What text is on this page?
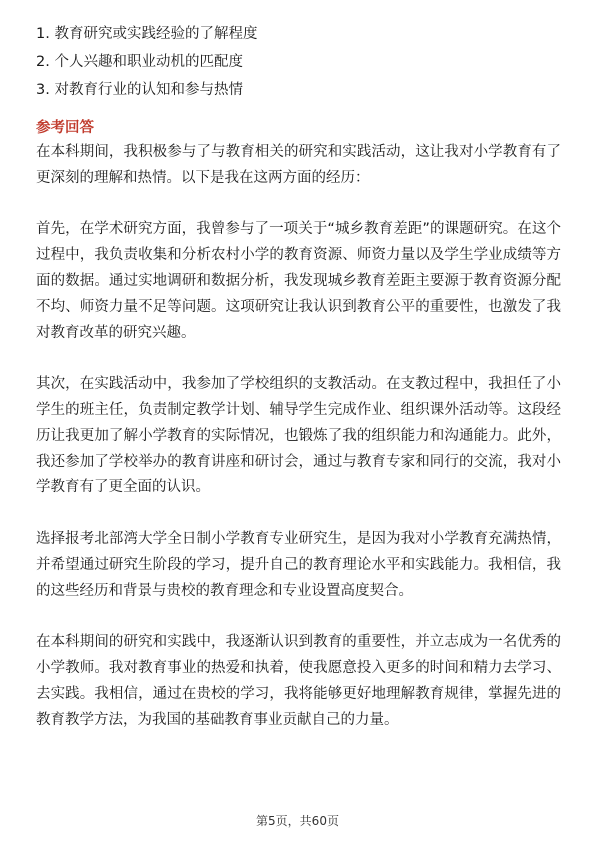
1. 教育研究或实践经验的了解程度
2. 个人兴趣和职业动机的匹配度
3. 对教育行业的认知和参与热情
参考回答

在本科期间，我积极参与了与教育相关的研究和实践活动，这让我对小学教育有了更深刻的理解和热情。以下是我在这两方面的经历：

首先，在学术研究方面，我曾参与了一项关于“城乡教育差距”的课题研究。在这个过程中，我负责收集和分析农村小学的教育资源、师资力量以及学生学业成绩等方面的数据。通过实地调研和数据分析，我发现城乡教育差距主要源于教育资源分配不均、师资力量不足等问题。这项研究让我认识到教育公平的重要性，也激发了我对教育改革的研究兴趣。

其次，在实践活动中，我参加了学校组织的支教活动。在支教过程中，我担任了小学生的班主任，负责制定教学计划、辅导学生完成作业、组织课外活动等。这段经历让我更加了解小学教育的实际情况，也锻炼了我的组织能力和沟通能力。此外，我还参加了学校举办的教育讲座和研讨会，通过与教育专家和同行的交流，我对小学教育有了更全面的认识。

选择报考北部湾大学全日制小学教育专业研究生，是因为我对小学教育充满热情，并希望通过研究生阶段的学习，提升自己的教育理论水平和实践能力。我相信，我的这些经历和背景与贵校的教育理念和专业设置高度契合。

在本科期间的研究和实践中，我逐渐认识到教育的重要性，并立志成为一名优秀的小学教师。我对教育事业的热爱和执着，使我愿意投入更多的时间和精力去学习、去实践。我相信，通过在贵校的学习，我将能够更好地理解教育规律，掌握先进的教育教学方法，为我国的基础教育事业贡献自己的力量。

第5页，共60页
